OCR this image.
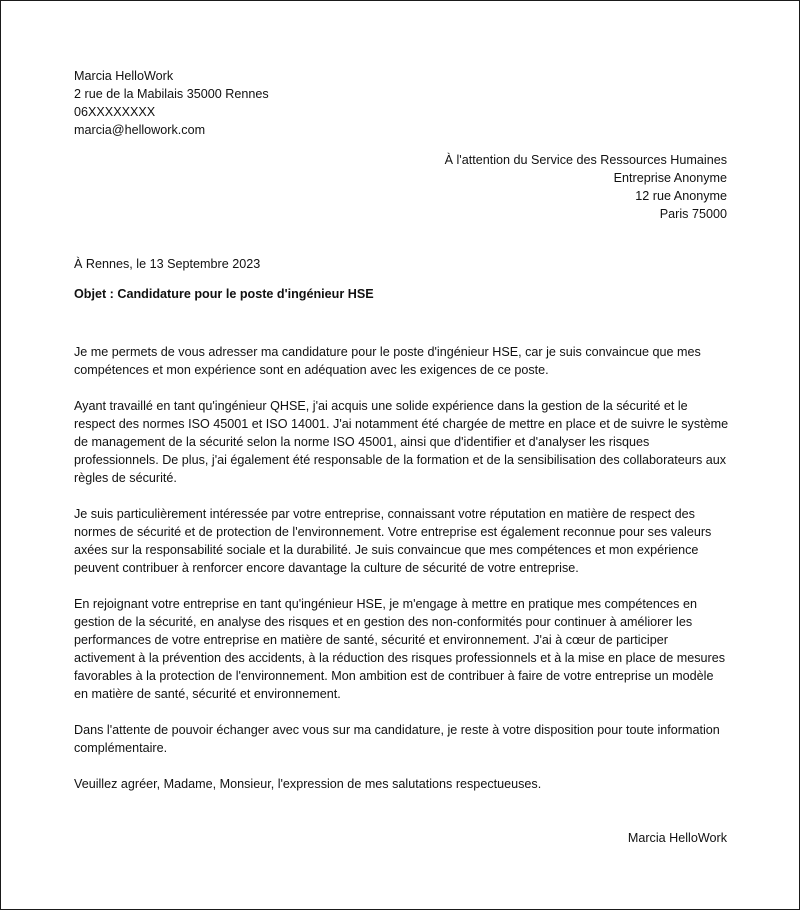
Marcia HelloWork
2 rue de la Mabilais 35000 Rennes
06XXXXXXXX
marcia@hellowork.com
À l'attention du Service des Ressources Humaines
Entreprise Anonyme
12 rue Anonyme
Paris 75000
À Rennes, le 13 Septembre 2023
Objet : Candidature pour le poste d'ingénieur HSE

Je me permets de vous adresser ma candidature pour le poste d'ingénieur HSE, car je suis convaincue que mes compétences et mon expérience sont en adéquation avec les exigences de ce poste.

Ayant travaillé en tant qu'ingénieur QHSE, j'ai acquis une solide expérience dans la gestion de la sécurité et le respect des normes ISO 45001 et ISO 14001. J'ai notamment été chargée de mettre en place et de suivre le système de management de la sécurité selon la norme ISO 45001, ainsi que d'identifier et d'analyser les risques professionnels. De plus, j'ai également été responsable de la formation et de la sensibilisation des collaborateurs aux règles de sécurité.

Je suis particulièrement intéressée par votre entreprise, connaissant votre réputation en matière de respect des normes de sécurité et de protection de l'environnement. Votre entreprise est également reconnue pour ses valeurs axées sur la responsabilité sociale et la durabilité. Je suis convaincue que mes compétences et mon expérience peuvent contribuer à renforcer encore davantage la culture de sécurité de votre entreprise.

En rejoignant votre entreprise en tant qu'ingénieur HSE, je m'engage à mettre en pratique mes compétences en gestion de la sécurité, en analyse des risques et en gestion des non-conformités pour continuer à améliorer les performances de votre entreprise en matière de santé, sécurité et environnement. J'ai à cœur de participer activement à la prévention des accidents, à la réduction des risques professionnels et à la mise en place de mesures favorables à la protection de l'environnement. Mon ambition est de contribuer à faire de votre entreprise un modèle en matière de santé, sécurité et environnement.

Dans l'attente de pouvoir échanger avec vous sur ma candidature, je reste à votre disposition pour toute information complémentaire.

Veuillez agréer, Madame, Monsieur, l'expression de mes salutations respectueuses.

Marcia HelloWork
